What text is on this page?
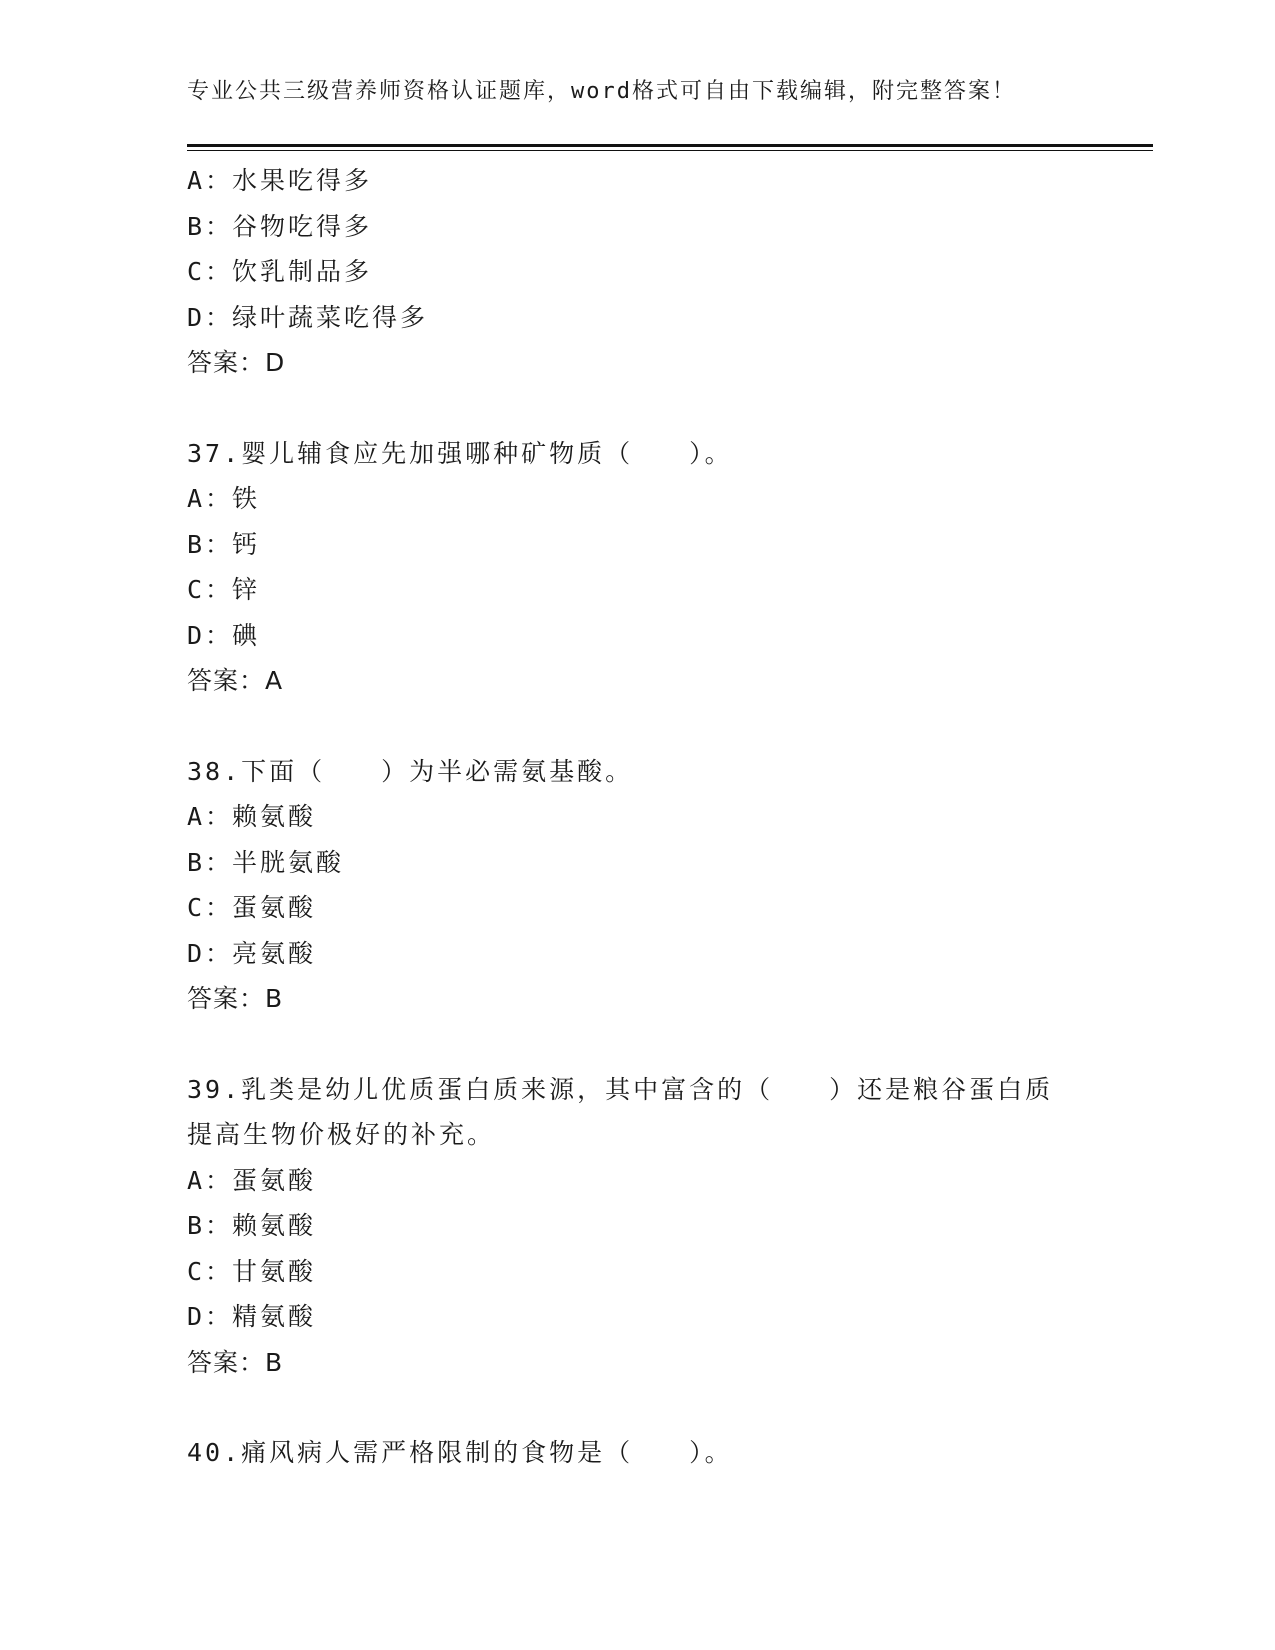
专业公共三级营养师资格认证题库，word格式可自由下载编辑，附完整答案！
A：水果吃得多
B：谷物吃得多
C：饮乳制品多
D：绿叶蔬菜吃得多
答案：D
37.婴儿辅食应先加强哪种矿物质（　　）。
A：铁
B：钙
C：锌
D：碘
答案：A
38.下面（　　）为半必需氨基酸。
A：赖氨酸
B：半胱氨酸
C：蛋氨酸
D：亮氨酸
答案：B
39.乳类是幼儿优质蛋白质来源，其中富含的（　　）还是粮谷蛋白质
提高生物价极好的补充。
A：蛋氨酸
B：赖氨酸
C：甘氨酸
D：精氨酸
答案：B
40.痛风病人需严格限制的食物是（　　）。
